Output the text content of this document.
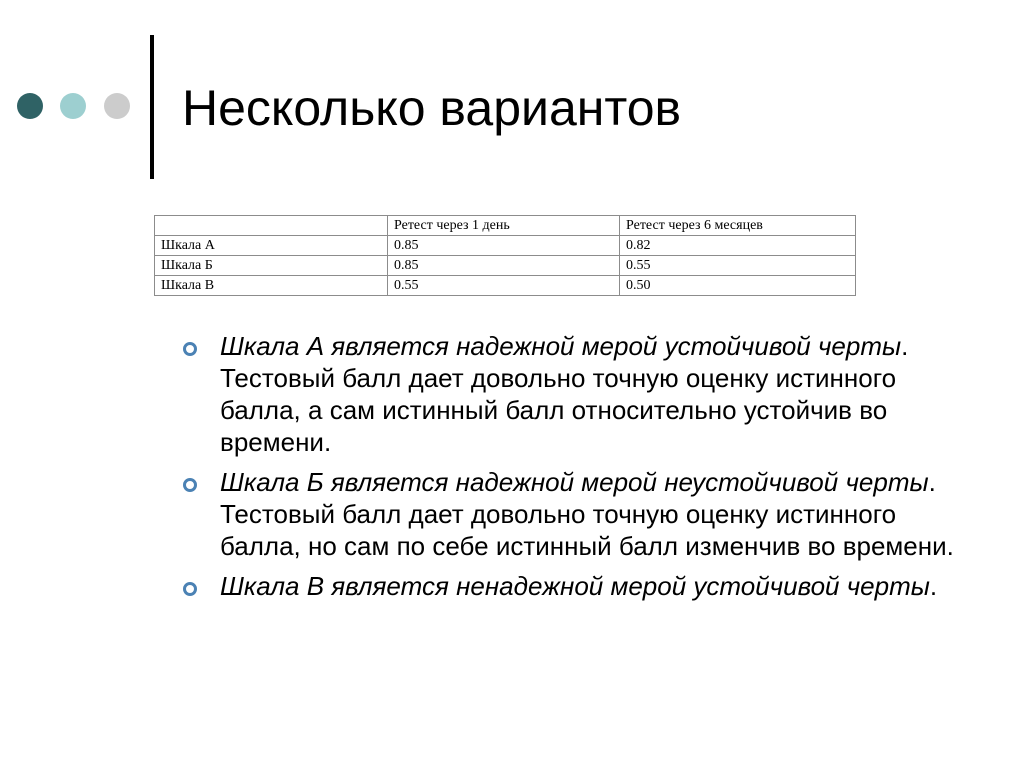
Несколько вариантов
	Ретест через 1 день	Ретест через 6 месяцев
Шкала А	0.85	0.82
Шкала Б	0.85	0.55
Шкала В	0.55	0.50
Шкала А является надежной мерой устойчивой черты. Тестовый балл дает довольно точную оценку истинного балла, а сам истинный балл относительно устойчив во времени.
Шкала Б является надежной мерой неустойчивой черты. Тестовый балл дает довольно точную оценку истинного балла, но сам по себе истинный балл изменчив во времени.
Шкала В является ненадежной мерой устойчивой черты.
